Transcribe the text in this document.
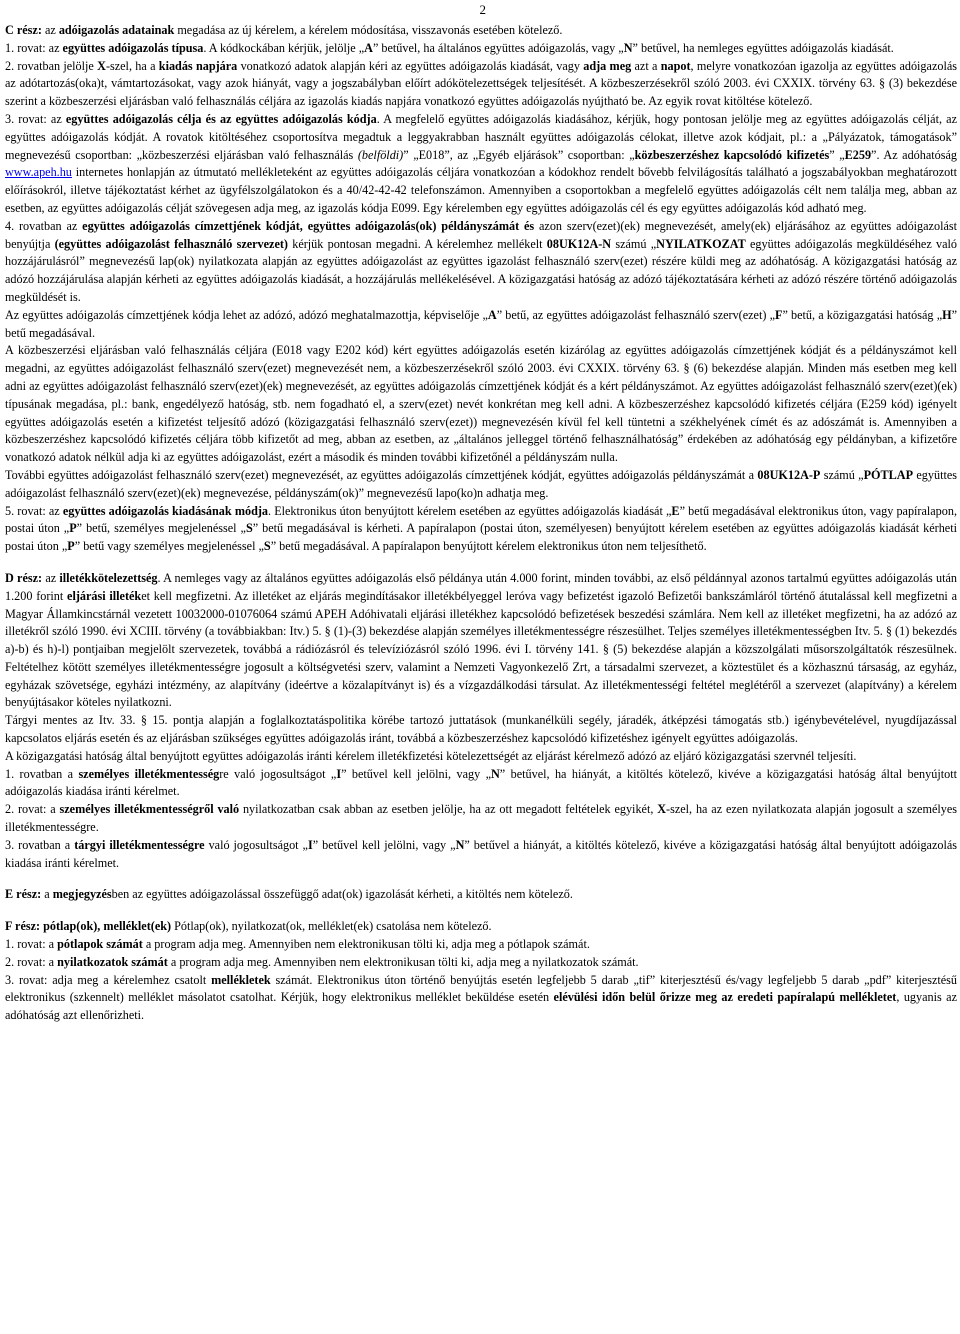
2

C rész: az adóigazolás adatainak megadása az új kérelem, a kérelem módosítása, visszavonás esetében kötelező.

1. rovat: az együttes adóigazolás típusa. A kódkockában kérjük, jelölje „A” betűvel, ha általános együttes adóigazolás, vagy „N” betűvel, ha nemleges együttes adóigazolás kiadását.

2. rovatban jelölje X-szel, ha a kiadás napjára vonatkozó adatok alapján kéri az együttes adóigazolás kiadását, vagy adja meg azt a napot, melyre vonatkozóan igazolja az együttes adóigazolás az adótartozás(oka)t, vámtartozásokat, vagy azok hiányát, vagy a jogszabályban előírt adókötelezettségek teljesítését. A közbeszerzésekről szóló 2003. évi CXXIX. törvény 63. § (3) bekezdése szerint a közbeszerzési eljárásban való felhasználás céljára az igazolás kiadás napjára vonatkozó együttes adóigazolás nyújtható be. Az egyik rovat kitöltése kötelező.

3. rovat: az együttes adóigazolás célja és az együttes adóigazolás kódja. A megfelelő együttes adóigazolás kiadásához, kérjük, hogy pontosan jelölje meg az együttes adóigazolás célját, az együttes adóigazolás kódját. A rovatok kitöltéséhez csoportosítva megadtuk a leggyakrabban használt együttes adóigazolás célokat, illetve azok kódjait, pl.: a „Pályázatok, támogatások” megnevezésű csoportban: „közbeszerzési eljárásban való felhasználás (belföldi)” „E018”, az „Egyéb eljárások” csoportban: „közbeszerzéshez kapcsolódó kifizetés” „E259”. Az adóhatóság www.apeh.hu internetes honlapján az útmutató mellékleteként az együttes adóigazolás céljára vonatkozóan a kódokhoz rendelt bővebb felvilágosítás található a jogszabályokban meghatározott előírásokról, illetve tájékoztatást kérhet az ügyfélszolgálatokon és a 40/42-42-42 telefonszámon. Amennyiben a csoportokban a megfelelő együttes adóigazolás célt nem találja meg, abban az esetben, az együttes adóigazolás célját szövegesen adja meg, az igazolás kódja E099. Egy kérelemben egy együttes adóigazolás cél és egy együttes adóigazolás kód adható meg.

4. rovatban az együttes adóigazolás címzettjének kódját, együttes adóigazolás(ok) példányszámát és azon szerv(ezet)(ek) megnevezését, amely(ek) eljárásához az együttes adóigazolást benyújtja (együttes adóigazolást felhasználó szervezet) kérjük pontosan megadni. A kérelemhez mellékelt 08UK12A-N számú „NYILATKOZAT együttes adóigazolás megküldéséhez való hozzájárulásról” megnevezésű lap(ok) nyilatkozata alapján az együttes adóigazolást az együttes igazolást felhasználó szerv(ezet) részére küldi meg az adóhatóság. A közigazgatási hatóság az adózó hozzájárulása alapján kérheti az együttes adóigazolás kiadását, a hozzájárulás mellékelésével. A közigazgatási hatóság az adózó tájékoztatására kérheti az adózó részére történő adóigazolás megküldését is.

Az együttes adóigazolás címzettjének kódja lehet az adózó, adózó meghatalmazottja, képviselője „A” betű, az együttes adóigazolást felhasználó szerv(ezet) „F” betű, a közigazgatási hatóság „H” betű megadásával.

A közbeszerzési eljárásban való felhasználás céljára (E018 vagy E202 kód) kért együttes adóigazolás esetén kizárólag az együttes adóigazolás címzettjének kódját és a példányszámot kell megadni, az együttes adóigazolást felhasználó szerv(ezet) megnevezését nem, a közbeszerzésekről szóló 2003. évi CXXIX. törvény 63. § (6) bekezdése alapján. Minden más esetben meg kell adni az együttes adóigazolást felhasználó szerv(ezet)(ek) megnevezését, az együttes adóigazolás címzettjének kódját és a kért példányszámot. Az együttes adóigazolást felhasználó szerv(ezet)(ek) típusának megadása, pl.: bank, engedélyező hatóság, stb. nem fogadható el, a szerv(ezet) nevét konkrétan meg kell adni. A közbeszerzéshez kapcsolódó kifizetés céljára (E259 kód) igényelt együttes adóigazolás esetén a kifizetést teljesítő adózó (közigazgatási felhasználó szerv(ezet)) megnevezésén kívül fel kell tüntetni a székhelyének címét és az adószámát is. Amennyiben a közbeszerzéshez kapcsolódó kifizetés céljára több kifizetőt ad meg, abban az esetben, az „általános jelleggel történő felhasználhatóság” érdekében az adóhatóság egy példányban, a kifizetőre vonatkozó adatok nélkül adja ki az együttes adóigazolást, ezért a második és minden további kifizetőnél a példányszám nulla.

További együttes adóigazolást felhasználó szerv(ezet) megnevezését, az együttes adóigazolás címzettjének kódját, együttes adóigazolás példányszámát a 08UK12A-P számú „PÓTLAP együttes adóigazolást felhasználó szerv(ezet)(ek) megnevezése, példányszám(ok)” megnevezésű lapo(ko)n adhatja meg.

5. rovat: az együttes adóigazolás kiadásának módja. Elektronikus úton benyújtott kérelem esetében az együttes adóigazolás kiadását „E” betű megadásával elektronikus úton, vagy papíralapon, postai úton „P” betű, személyes megjelenéssel „S” betű megadásával is kérheti. A papíralapon (postai úton, személyesen) benyújtott kérelem esetében az együttes adóigazolás kiadását kérheti postai úton „P” betű vagy személyes megjelenéssel „S” betű megadásával. A papíralapon benyújtott kérelem elektronikus úton nem teljesíthető.

D rész: az illetékkötelezettség. A nemleges vagy az általános együttes adóigazolás első példánya után 4.000 forint, minden további, az első példánnyal azonos tartalmú együttes adóigazolás után 1.200 forint eljárási illetéket kell megfizetni. Az illetéket az eljárás megindításakor illetékbélyeggel leróva vagy befizetést igazoló Befizetői bankszámláról történő átutalással kell megfizetni a Magyar Államkincstárnál vezetett 10032000-01076064 számú APEH Adóhivatali eljárási illetékhez kapcsolódó befizetések beszedési számlára. Nem kell az illetéket megfizetni, ha az adózó az illetékről szóló 1990. évi XCIII. törvény (a továbbiakban: Itv.) 5. § (1)-(3) bekezdése alapján személyes illetékmentességre részesülhet. Teljes személyes illetékmentességben Itv. 5. § (1) bekezdés a)-b) és h)-l) pontjaiban megjelölt szervezetek, továbbá a rádiózásról és televíziózásról szóló 1996. évi I. törvény 141. § (5) bekezdése alapján a közszolgálati műsorszolgáltatók részesülnek. Feltételhez kötött személyes illetékmentességre jogosult a költségvetési szerv, valamint a Nemzeti Vagyonkezelő Zrt, a társadalmi szervezet, a köztestület és a közhasznú társaság, az egyház, egyházak szövetsége, egyházi intézmény, az alapítvány (ideértve a közalapítványt is) és a vízgazdálkodási társulat. Az illetékmentességi feltétel meglétéről a szervezet (alapítvány) a kérelem benyújtásakor köteles nyilatkozni.

Tárgyi mentes az Itv. 33. § 15. pontja alapján a foglalkoztatáspolitika körébe tartozó juttatások (munkanélküli segély, járadék, átképzési támogatás stb.) igénybevételével, nyugdíjazással kapcsolatos eljárás esetén és az eljárásban szükséges együttes adóigazolás iránt, továbbá a közbeszerzéshez kapcsolódó kifizetéshez igényelt együttes adóigazolás.

A közigazgatási hatóság által benyújtott együttes adóigazolás iránti kérelem illetékfizetési kötelezettségét az eljárást kérelmező adózó az eljáró közigazgatási szervnél teljesíti.

1. rovatban a személyes illetékmentességre való jogosultságot „I” betűvel kell jelölni, vagy „N” betűvel, ha hiányát, a kitöltés kötelező, kivéve a közigazgatási hatóság által benyújtott adóigazolás kiadása iránti kérelmet.

2. rovat: a személyes illetékmentességről való nyilatkozatban csak abban az esetben jelölje, ha az ott megadott feltételek egyikét, X-szel, ha az ezen nyilatkozata alapján jogosult a személyes illetékmentességre.

3. rovatban a tárgyi illetékmentességre való jogosultságot „I” betűvel kell jelölni, vagy „N” betűvel a hiányát, a kitöltés kötelező, kivéve a közigazgatási hatóság által benyújtott adóigazolás kiadása iránti kérelmet.

E rész: a megjegyzésben az együttes adóigazolással összefüggő adat(ok) igazolását kérheti, a kitöltés nem kötelező.

F rész: pótlap(ok), melléklet(ek) Pótlap(ok), nyilatkozat(ok, melléklet(ek) csatolása nem kötelező.

1. rovat: a pótlapok számát a program adja meg. Amennyiben nem elektronikusan tölti ki, adja meg a pótlapok számát.

2. rovat: a nyilatkozatok számát a program adja meg. Amennyiben nem elektronikusan tölti ki, adja meg a nyilatkozatok számát.

3. rovat: adja meg a kérelemhez csatolt mellékletek számát. Elektronikus úton történő benyújtás esetén legfeljebb 5 darab „tif” kiterjesztésű és/vagy legfeljebb 5 darab „pdf” kiterjesztésű elektronikus (szkennelt) melléklet másolatot csatolhat. Kérjük, hogy elektronikus melléklet beküldése esetén elévülési időn belül őrizze meg az eredeti papíralapú mellékletet, ugyanis az adóhatóság azt ellenőrizheti.
